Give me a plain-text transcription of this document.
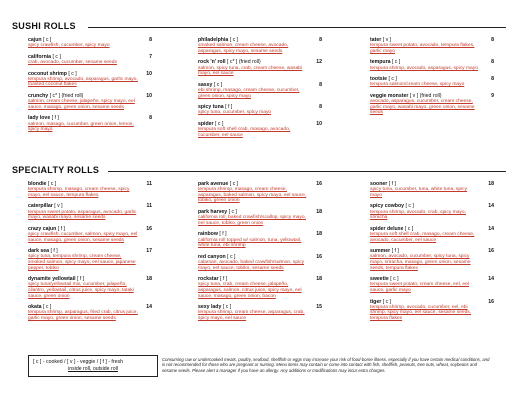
SUSHI ROLLS
cajun [ c ]	8
spicy crawfish, cucumber, spicy mayo
california [ c ]	7
crab, avocado, cucumber, sesame seeds
coconut shrimp [ c ]	10
tempura shrimp, avocado, asparagus, garlic mayo, toasted coconut flakes
crunchy [ c* ] (fried roll)	10
salmon, cream cheese, jalapeño, spicy mayo, eel sauce, masago, green onion, sesame seeds
lady love [ f ]	8
salmon, masago, cucumber, green onion, lemon, spicy mayo
philadelphia [ c ]	8
smoked salmon, cream cheese, avocado, asparagus, spicy mayo, sesame seeds
rock 'n' roll [ c* ] (fried roll)	12
salmon, spicy tuna, crab, cream cheese, wasabi mayo, eel sauce
sassy [ c ]	8
ebi shrimp, masago, cream cheese, cucumber, green onion, spicy mayo
spicy tuna [ f ]	8
spicy tuna, cucumber, spicy mayo
spider [ c ]	10
tempura soft shell crab, masago, avocado, cucumber, eel sauce
tater [ v ]	8
tempura sweet potato, avocado, tempura flakes, garlic mayo
tempura [ c ]	8
tempura shrimp, avocado, asparagus, spicy mayo
tootsie [ c ]	8
tempura salmon/cream cheese, spicy mayo
veggie monster [ v ] (fried roll)	9
avocado, asparagus, cucumber, cream cheese, garlic mayo, wasabi mayo, green onion, sesame seeds
SPECIALTY ROLLS
blondie [ c ]	11
tempura shrimp, masago, cream cheese, spicy mayo, eel sauce, tempura flakes
caterpillar [ v ]	11
tempura sweet potato, asparagus, avocado, garlic mayo, wasabi mayo, sesame seeds
crazy cajun [ f ]	16
spicy crawfish, cucumber, salmon, spicy mayo, eel sauce, masago, green onion, sesame seeds
dark sea [ f ]	17
spicy tuna, tempura shrimp, cream cheese, smoked salmon, spicy mayo, eel sauce, japanese pepper, tobiko
dynamite yellowtail [ f ]	18
spicy tuna/yellowtail mix, cucumber, jalapeño, cilantro, yellowtail, citrus juice, spicy mayo, tataki sauce, green onion
okata [ c ]	14
tempura shrimp, asparagus, fried crab, citrus juice, garlic mayo, green onion, sesame seeds
park avenue [ c ]	16
tempura shrimp, masago, cream cheese, asparagus, baked salmon, spicy mayo, eel sauce, tobiko, green onion
park harvey [ c ]	18
california roll, baked crawfish/scallop, spicy mayo, eel sauce, tobiko, green onion
rainbow [ f ]	18
california roll topped w/ salmon, tuna, yellowtail, white tuna, ebi shrimp
red canyon [ c ]	16
calamari, avocado, baked crawfish/salmon, spicy mayo, eel sauce, tobiko, sesame seeds
rockstar [ f ]	18
spicy tuna, crab, cream cheese, jalapeño, asparagus, salmon, citrus juice, spicy mayo, eel sauce, masago, green onion, bacon
sexy lady [ c ]	15
tempura shrimp, cream cheese, asparagus, crab, spicy mayo, eel sauce
sooner [ f ]	18
spicy tuna, cucumber, tuna, white tuna, spicy mayo
spicy cowboy [ c ]	14
tempura shrimp, avocado, crab, spicy mayo, sriracha
spider deluxe [ c ]	14
tempura soft shell crab, masago, cream cheese, avocado, cucumber, eel sauce
summer [ f ]	16
salmon, avocado, cucumber, spicy tuna, spicy mayo, sriracha, masago, green onion, sesame seeds, tempura flakes
sweetie [ c ]	14
tempura sweet potato, cream cheese, eel, eel sauce, garlic mayo
tiger [ c ]	16
tempura shrimp, avocado, cucumber, eel, ebi shrimp, spicy mayo, eel sauce, sesame seeds, tempura flakes
[ c ] - cooked / [ v ] - veggie / [ f ] - fresh
inside roll, outside roll
Consuming raw or undercooked meats, poultry, seafood, shellfish or eggs may increase your risk of food-borne illness, especially if you have certain medical conditions, and is not recommended for those who are pregnant or nursing. Menu items may contain or come into contact with fish, shellfish, peanuts, tree nuts, wheat, soybeans and sesame seeds. Please alert a manager if you have an allergy. Any additions or modifications may incur extra charges.
